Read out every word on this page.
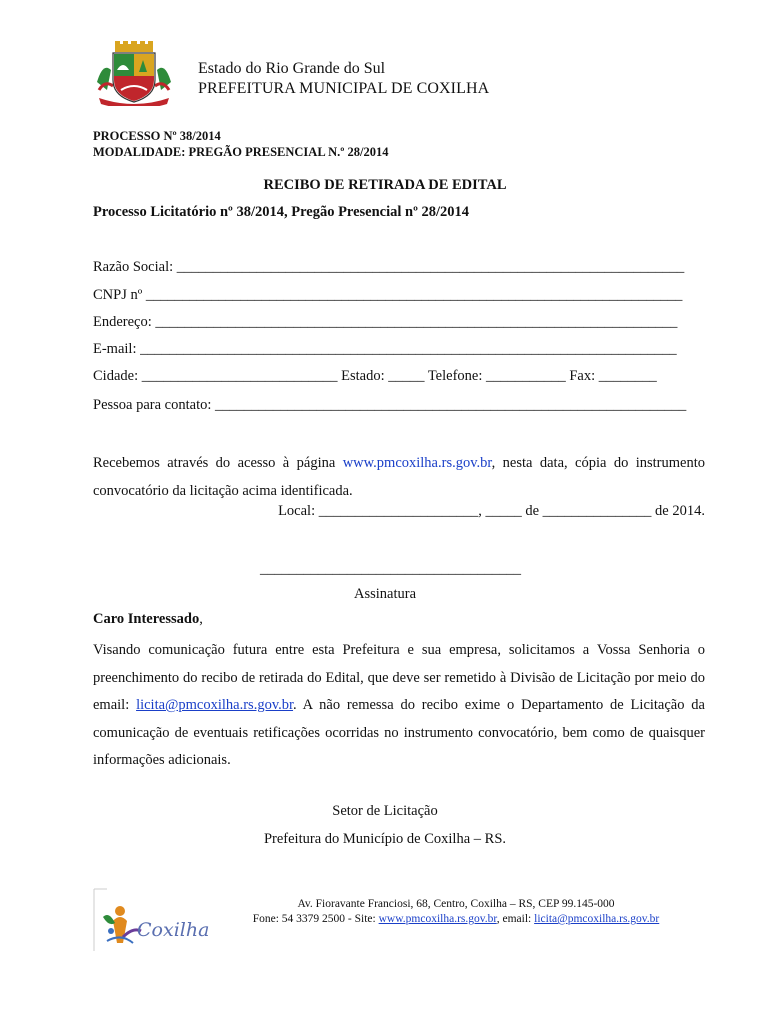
Estado do Rio Grande do Sul
PREFEITURA MUNICIPAL DE COXILHA
PROCESSO Nº 38/2014
MODALIDADE: PREGÃO PRESENCIAL N.º 28/2014
RECIBO DE RETIRADA DE EDITAL
Processo Licitatório nº 38/2014, Pregão Presencial nº 28/2014
Razão Social: ______________________________________________________________________
CNPJ nº __________________________________________________________________________
Endereço: ________________________________________________________________________
E-mail: __________________________________________________________________________
Cidade: ___________________________ Estado: _____ Telefone: ___________ Fax: ________
Pessoa para contato: _________________________________________________________________
Recebemos através do acesso à página www.pmcoxilha.rs.gov.br, nesta data, cópia do instrumento convocatório da licitação acima identificada.
Local: ______________________, _____ de _______________ de 2014.
____________________________________
Assinatura
Caro Interessado,
Visando comunicação futura entre esta Prefeitura e sua empresa, solicitamos a Vossa Senhoria o preenchimento do recibo de retirada do Edital, que deve ser remetido à Divisão de Licitação por meio do email: licita@pmcoxilha.rs.gov.br. A não remessa do recibo exime o Departamento de Licitação da comunicação de eventuais retificações ocorridas no instrumento convocatório, bem como de quaisquer informações adicionais.
Setor de Licitação
Prefeitura do Município de Coxilha – RS.
Coxilha
Av. Fioravante Franciosi, 68, Centro, Coxilha – RS, CEP 99.145-000
Fone: 54 3379 2500 - Site: www.pmcoxilha.rs.gov.br, email: licita@pmcoxilha.rs.gov.br
